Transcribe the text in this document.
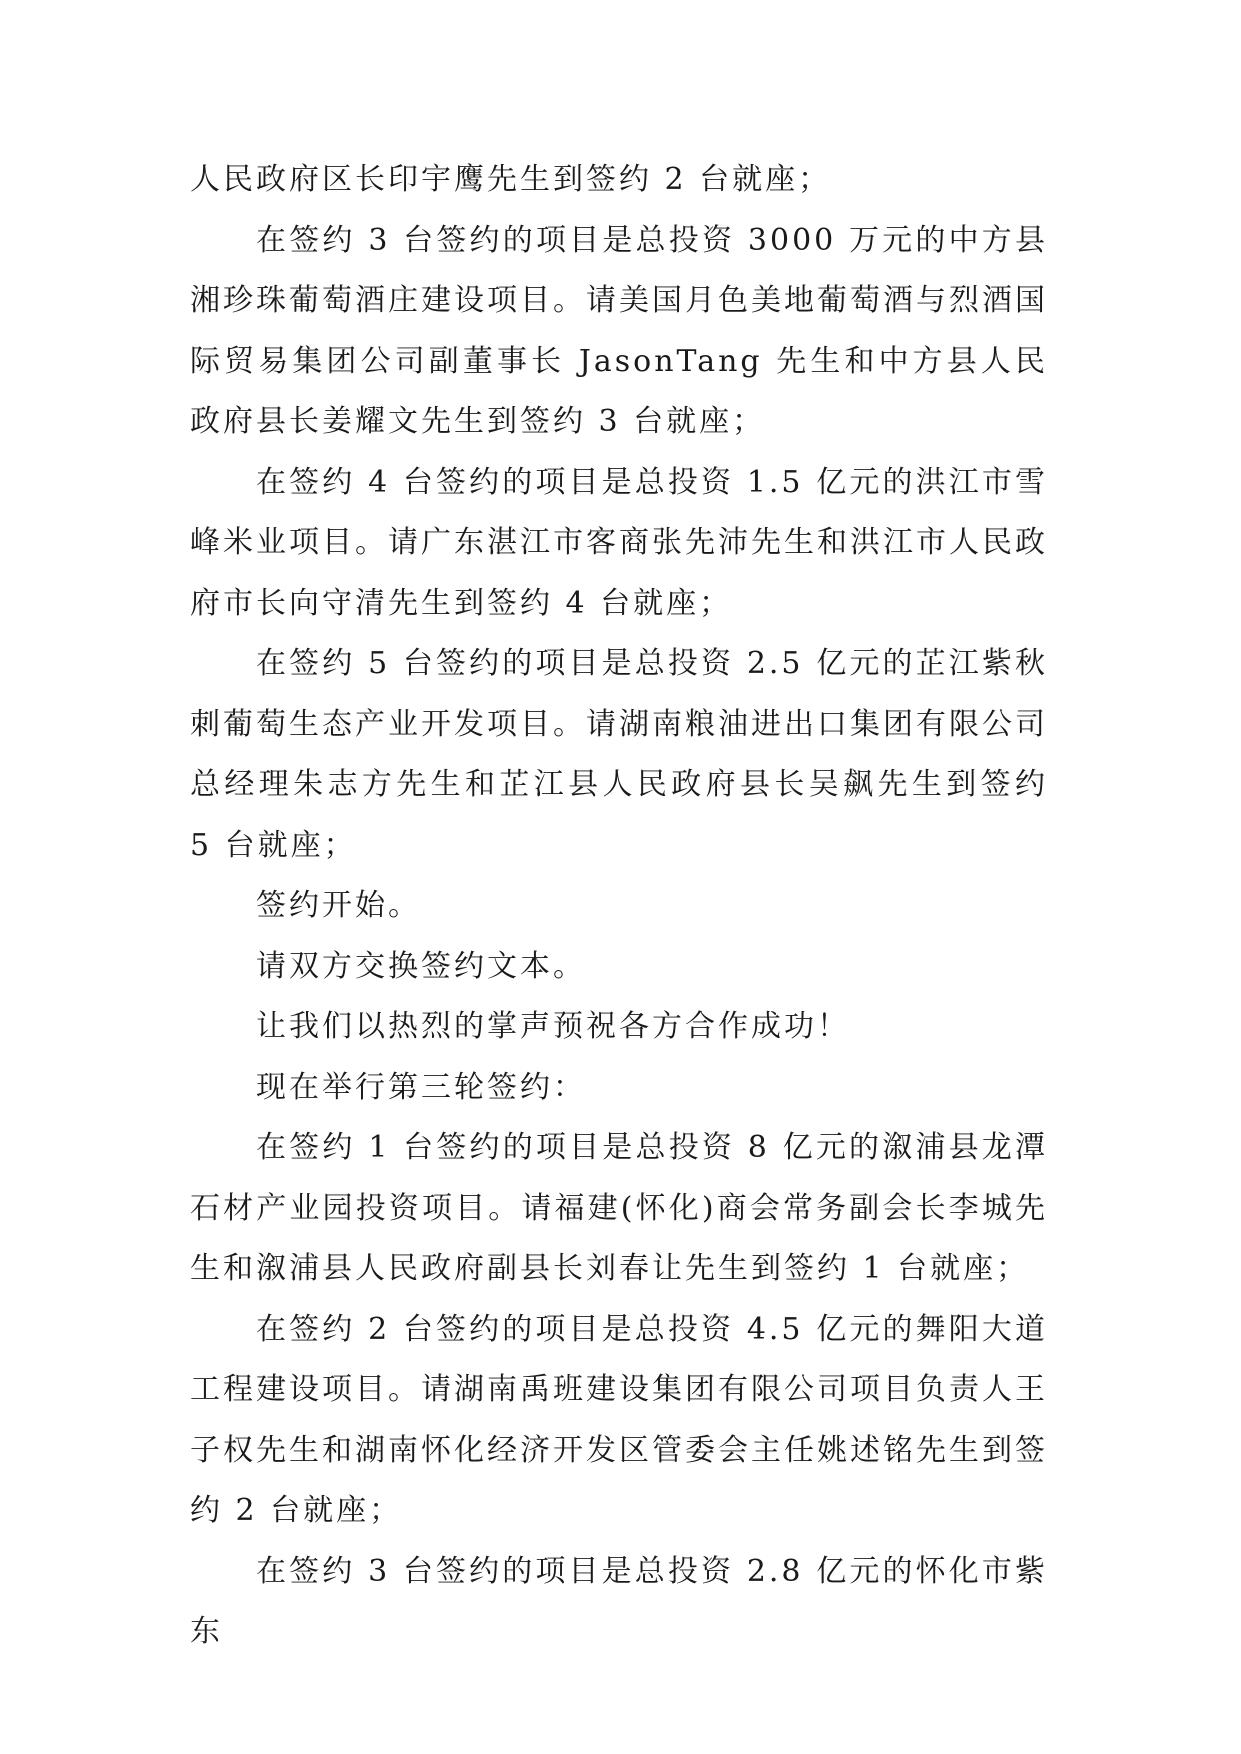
人民政府区长印宇鹰先生到签约 2 台就座；

在签约 3 台签约的项目是总投资 3000 万元的中方县湘珍珠葡萄酒庄建设项目。请美国月色美地葡萄酒与烈酒国际贸易集团公司副董事长 JasonTang 先生和中方县人民政府县长姜耀文先生到签约 3 台就座；

在签约 4 台签约的项目是总投资 1.5 亿元的洪江市雪峰米业项目。请广东湛江市客商张先沛先生和洪江市人民政府市长向守清先生到签约 4 台就座；

在签约 5 台签约的项目是总投资 2.5 亿元的芷江紫秋刺葡萄生态产业开发项目。请湖南粮油进出口集团有限公司总经理朱志方先生和芷江县人民政府县长吴飙先生到签约 5 台就座；

签约开始。

请双方交换签约文本。

让我们以热烈的掌声预祝各方合作成功！

现在举行第三轮签约：

在签约 1 台签约的项目是总投资 8 亿元的溆浦县龙潭石材产业园投资项目。请福建(怀化)商会常务副会长李城先生和溆浦县人民政府副县长刘春让先生到签约 1 台就座；

在签约 2 台签约的项目是总投资 4.5 亿元的舞阳大道工程建设项目。请湖南禹班建设集团有限公司项目负责人王子权先生和湖南怀化经济开发区管委会主任姚述铭先生到签约 2 台就座；

在签约 3 台签约的项目是总投资 2.8 亿元的怀化市紫东
